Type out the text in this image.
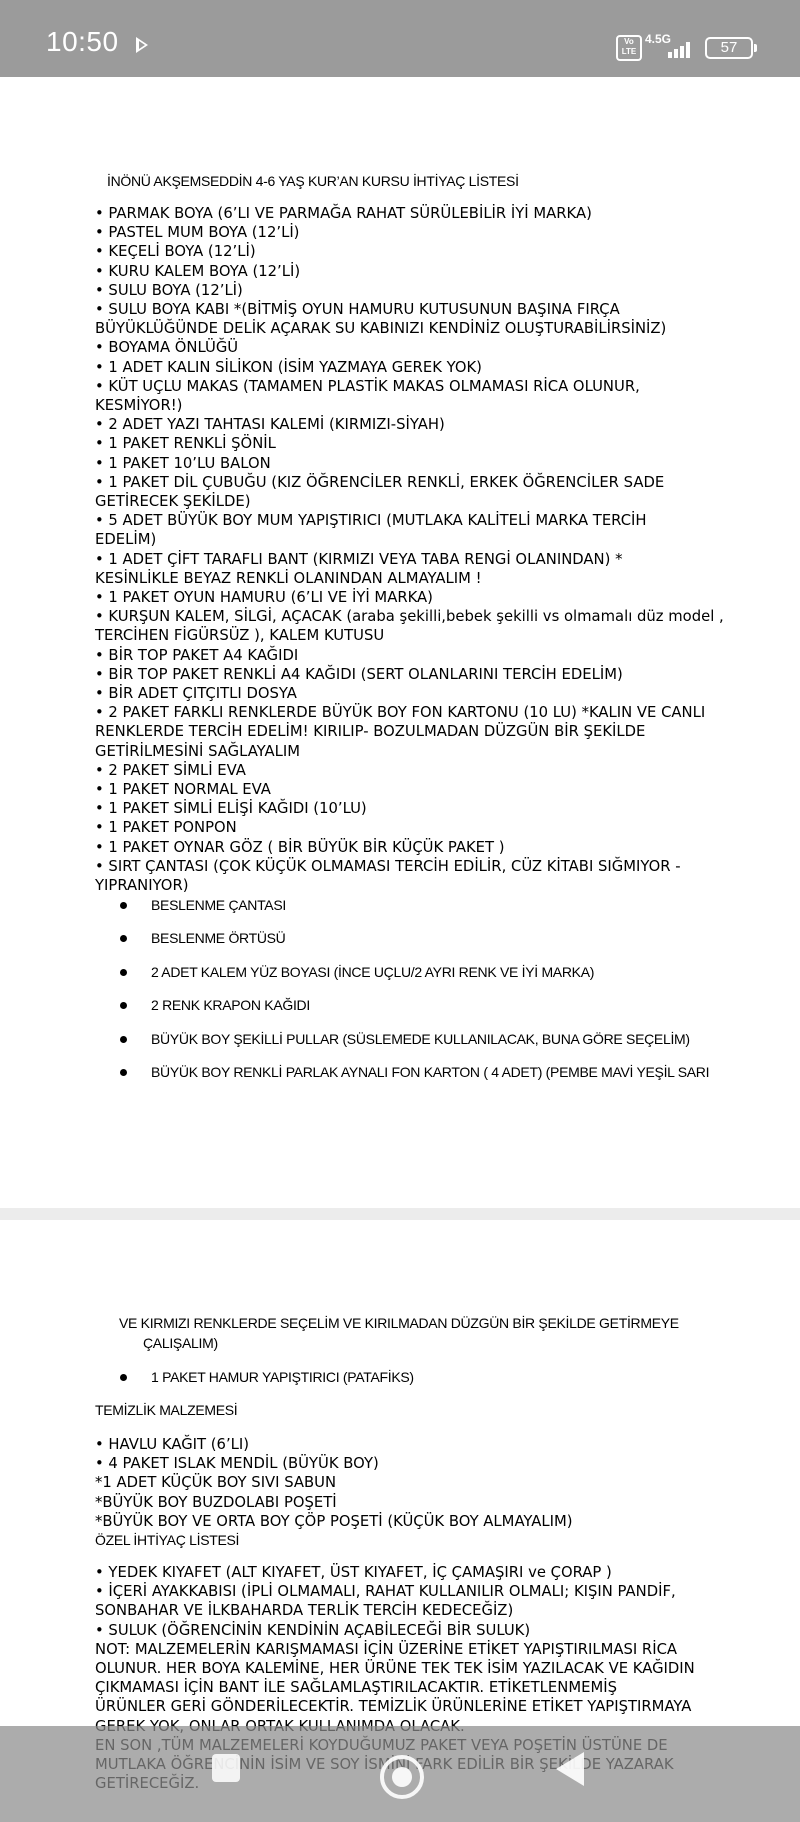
10:50	Vo LTE
4.5G	57
İNÖNÜ AKŞEMSEDDİN 4-6 YAŞ KUR’AN KURSU İHTİYAÇ LİSTESİ
• PARMAK BOYA (6’LI VE PARMAĞA RAHAT SÜRÜLEBİLİR İYİ MARKA)
• PASTEL MUM BOYA (12’Lİ)
• KEÇELİ BOYA (12’Lİ)
• KURU KALEM BOYA (12’Lİ)
• SULU BOYA (12’Lİ)
• SULU BOYA KABI *(BİTMİŞ OYUN HAMURU KUTUSUNUN BAŞINA FIRÇA
BÜYÜKLÜĞÜNDE DELİK AÇARAK SU KABINIZI KENDİNİZ OLUŞTURABİLİRSİNİZ)
• BOYAMA ÖNLÜĞÜ
• 1 ADET KALIN SİLİKON (İSİM YAZMAYA GEREK YOK)
• KÜT UÇLU MAKAS (TAMAMEN PLASTİK MAKAS OLMAMASI RİCA OLUNUR,
KESMİYOR!)
• 2 ADET YAZI TAHTASI KALEMİ (KIRMIZI-SİYAH)
• 1 PAKET RENKLİ ŞÖNİL
• 1 PAKET 10’LU BALON
• 1 PAKET DİL ÇUBUĞU (KIZ ÖĞRENCİLER RENKLİ, ERKEK ÖĞRENCİLER SADE
GETİRECEK ŞEKİLDE)
• 5 ADET BÜYÜK BOY MUM YAPIŞTIRICI (MUTLAKA KALİTELİ MARKA TERCİH
EDELİM)
• 1 ADET ÇİFT TARAFLI BANT (KIRMIZI VEYA TABA RENGİ OLANINDAN) *
KESİNLİKLE BEYAZ RENKLİ OLANINDAN ALMAYALIM !
• 1 PAKET OYUN HAMURU (6’LI VE İYİ MARKA)
• KURŞUN KALEM, SİLGİ, AÇACAK (araba şekilli,bebek şekilli vs olmamalı düz model ,
TERCİHEN FİGÜRSÜZ ), KALEM KUTUSU
• BİR TOP PAKET A4 KAĞIDI
• BİR TOP PAKET RENKLİ A4 KAĞIDI (SERT OLANLARINI TERCİH EDELİM)
• BİR ADET ÇITÇITLI DOSYA
• 2 PAKET FARKLI RENKLERDE BÜYÜK BOY FON KARTONU (10 LU) *KALIN VE CANLI
RENKLERDE TERCİH EDELİM! KIRILIP- BOZULMADAN DÜZGÜN BİR ŞEKİLDE
GETİRİLMESİNİ SAĞLAYALIM
• 2 PAKET SİMLİ EVA
• 1 PAKET NORMAL EVA
• 1 PAKET SİMLİ ELİŞİ KAĞIDI (10’LU)
• 1 PAKET PONPON
• 1 PAKET OYNAR GÖZ ( BİR BÜYÜK BİR KÜÇÜK PAKET )
• SIRT ÇANTASI (ÇOK KÜÇÜK OLMAMASI TERCİH EDİLİR, CÜZ KİTABI SIĞMIYOR -
YIPRANIYOR)
BESLENME ÇANTASI
BESLENME ÖRTÜSÜ
2 ADET KALEM YÜZ BOYASI (İNCE UÇLU/2 AYRI RENK VE İYİ MARKA)
2 RENK KRAPON KAĞIDI
BÜYÜK BOY ŞEKİLLİ PULLAR (SÜSLEMEDE KULLANILACAK, BUNA GÖRE SEÇELİM)
BÜYÜK BOY RENKLİ PARLAK AYNALI FON KARTON ( 4 ADET) (PEMBE MAVİ YEŞİL SARI
VE KIRMIZI RENKLERDE SEÇELİM VE KIRILMADAN DÜZGÜN BİR ŞEKİLDE GETİRMEYE
ÇALIŞALIM)
1 PAKET HAMUR YAPIŞTIRICI (PATAFİKS)
TEMİZLİK MALZEMESİ
• HAVLU KAĞIT (6’LI)
• 4 PAKET ISLAK MENDİL (BÜYÜK BOY)
*1 ADET KÜÇÜK BOY SIVI SABUN
*BÜYÜK BOY BUZDOLABI POŞETİ
*BÜYÜK BOY VE ORTA BOY ÇÖP POŞETİ (KÜÇÜK BOY ALMAYALIM)
ÖZEL İHTİYAÇ LİSTESİ
• YEDEK KIYAFET (ALT KIYAFET, ÜST KIYAFET, İÇ ÇAMAŞIRI ve ÇORAP )
• İÇERİ AYAKKABISI (İPLİ OLMAMALI, RAHAT KULLANILIR OLMALI; KIŞIN PANDİF,
SONBAHAR VE İLKBAHARDA TERLİK TERCİH KEDECEĞİZ)
• SULUK (ÖĞRENCİNİN KENDİNİN AÇABİLECEĞİ BİR SULUK)
NOT: MALZEMELERİN KARIŞMAMASI İÇİN ÜZERİNE ETİKET YAPIŞTIRILMASI RİCA
OLUNUR. HER BOYA KALEMİNE, HER ÜRÜNE TEK TEK İSİM YAZILACAK VE KAĞIDIN
ÇIKMAMASI İÇİN BANT İLE SAĞLAMLAŞTIRILACAKTIR. ETİKETLENMEMİŞ
ÜRÜNLER GERİ GÖNDERİLECEKTİR. TEMİZLİK ÜRÜNLERİNE ETİKET YAPIŞTIRMAYA
